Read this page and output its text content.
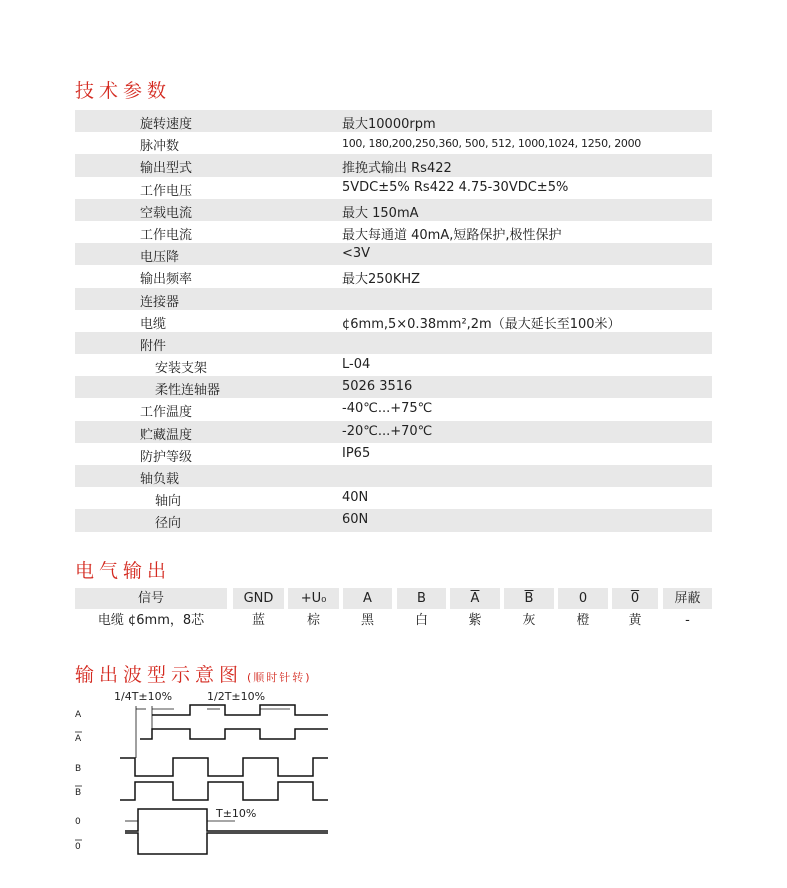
技术参数
旋转速度	最大10000rpm
脉冲数	100, 180,200,250,360, 500, 512, 1000,1024, 1250, 2000
输出型式	推挽式输出 Rs422
工作电压	5VDC±5% Rs422 4.75-30VDC±5%
空载电流	最大 150mA
工作电流	最大每通道 40mA,短路保护,极性保护
电压降	<3V
输出频率	最大250KHZ
连接器
电缆	¢6mm,5×0.38mm²,2m（最大延长至100米）
附件
安装支架	L-04
柔性连轴器	5026 3516
工作温度	-40℃...+75℃
贮藏温度	-20℃...+70℃
防护等级	IP65
轴负载
轴向	40N
径向	60N
电气输出
信号	GND	+U₀	A	B	$\overline{A}$	$\overline{B}$	0	0	屏蔽
电缆 ¢6mm，8芯	蓝	棕	黑	白	紫	灰	橙	黄	-
输出波型示意图 (顺时针转)
1/4T±10%	1/2T±10%
T±10%
A
A
B
B
0
0
